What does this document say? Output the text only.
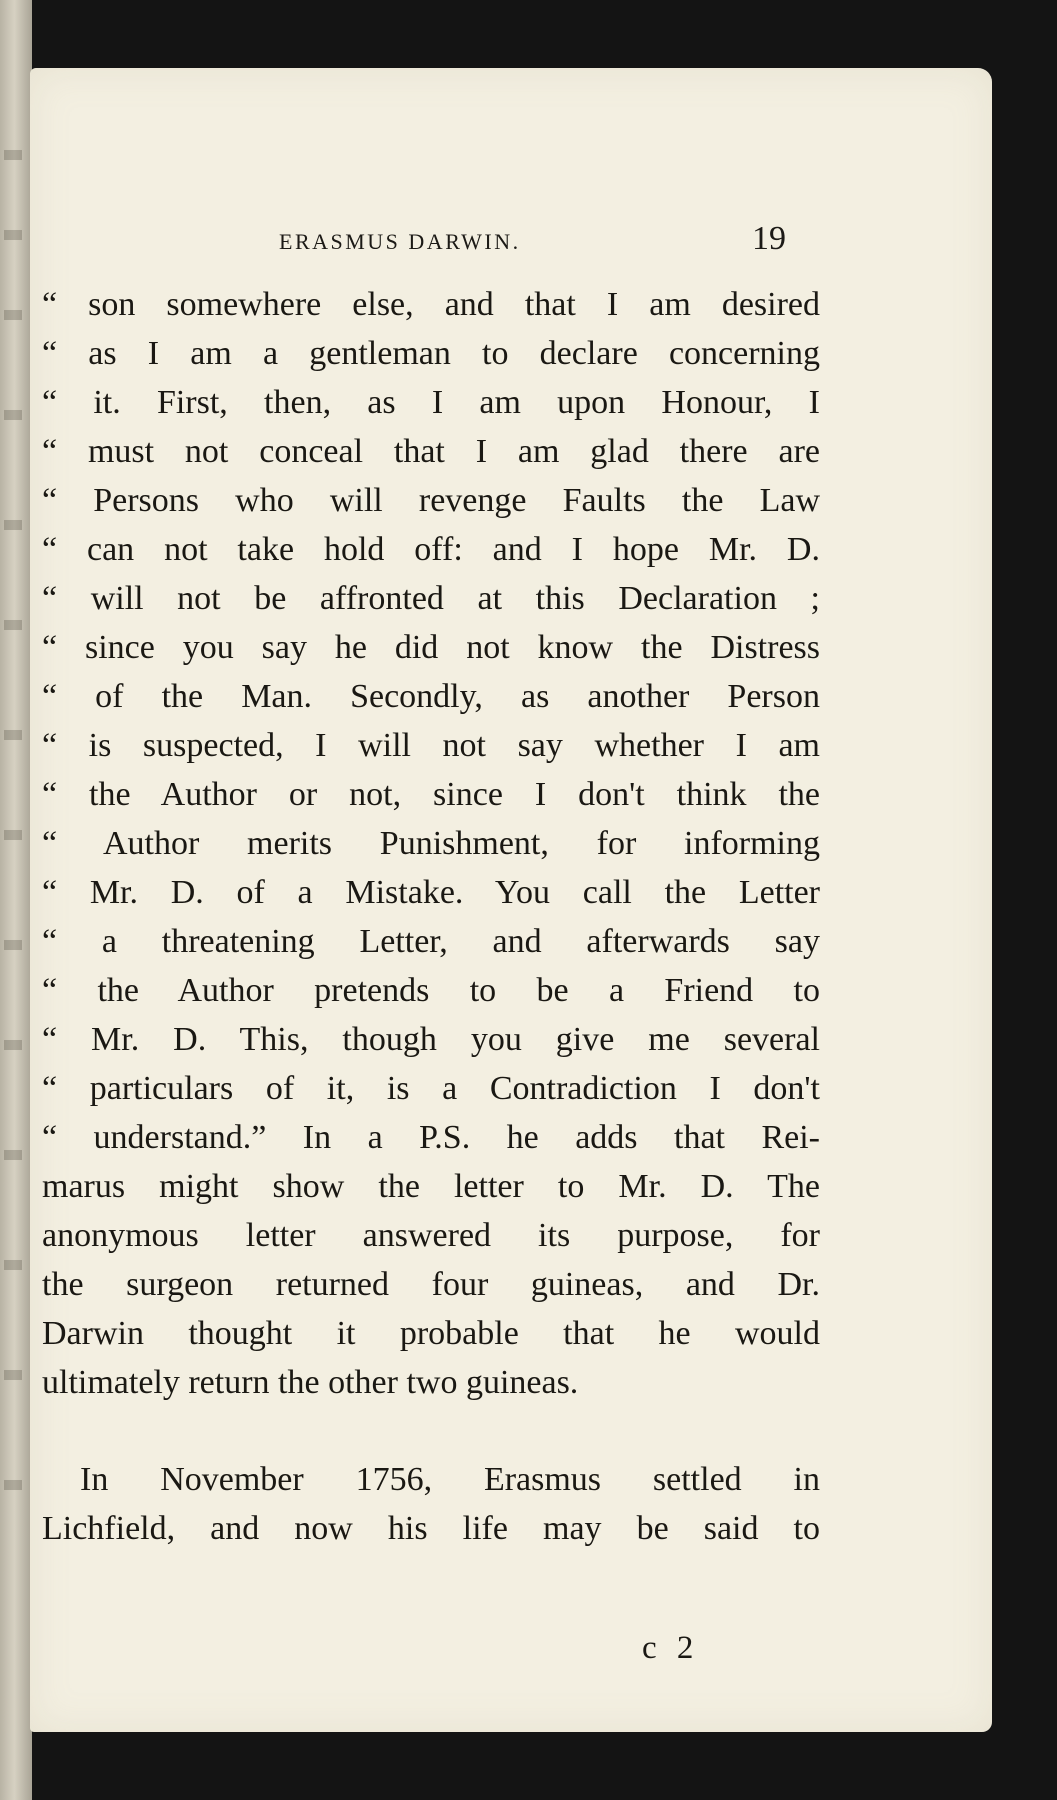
ERASMUS DARWIN.	19
“ son somewhere else, and that I am desired
“ as I am a gentleman to declare concerning
“ it. First, then, as I am upon Honour, I
“ must not conceal that I am glad there are
“ Persons who will revenge Faults the Law
“ can not take hold off: and I hope Mr. D.
“ will not be affronted at this Declaration ;
“ since you say he did not know the Distress
“ of the Man. Secondly, as another Person
“ is suspected, I will not say whether I am
“ the Author or not, since I don't think the
“ Author merits Punishment, for informing
“ Mr. D. of a Mistake. You call the Letter
“ a threatening Letter, and afterwards say
“ the Author pretends to be a Friend to
“ Mr. D. This, though you give me several
“ particulars of it, is a Contradiction I don't
“ understand.” In a P.S. he adds that Rei-
marus might show the letter to Mr. D. The
anonymous letter answered its purpose, for
the surgeon returned four guineas, and Dr.
Darwin thought it probable that he would
ultimately return the other two guineas.
In November 1756, Erasmus settled in
Lichfield, and now his life may be said to
c 2
